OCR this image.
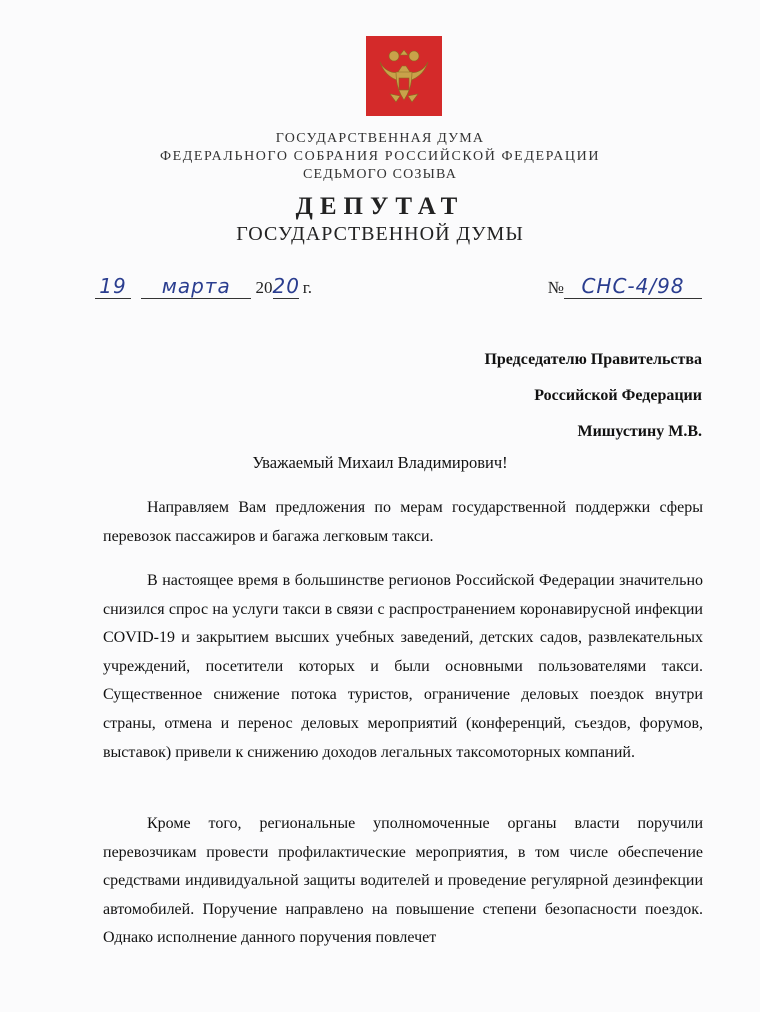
ГОСУДАРСТВЕННАЯ ДУМА
ФЕДЕРАЛЬНОГО СОБРАНИЯ РОССИЙСКОЙ ФЕДЕРАЦИИ
СЕДЬМОГО СОЗЫВА
ДЕПУТАТ
ГОСУДАРСТВЕННОЙ ДУМЫ
19 марта 2020 г.	№ СНС-4/98
Председателю Правительства
Российской Федерации
Мишустину М.В.
Уважаемый Михаил Владимирович!
Направляем Вам предложения по мерам государственной поддержки сферы перевозок пассажиров и багажа легковым такси.
В настоящее время в большинстве регионов Российской Федерации значительно снизился спрос на услуги такси в связи с распространением коронавирусной инфекции COVID-19 и закрытием высших учебных заведений, детских садов, развлекательных учреждений, посетители которых и были основными пользователями такси. Существенное снижение потока туристов, ограничение деловых поездок внутри страны, отмена и перенос деловых мероприятий (конференций, съездов, форумов, выставок) привели к снижению доходов легальных таксомоторных компаний.
Кроме того, региональные уполномоченные органы власти поручили перевозчикам провести профилактические мероприятия, в том числе обеспечение средствами индивидуальной защиты водителей и проведение регулярной дезинфекции автомобилей. Поручение направлено на повышение степени безопасности поездок. Однако исполнение данного поручения повлечет
